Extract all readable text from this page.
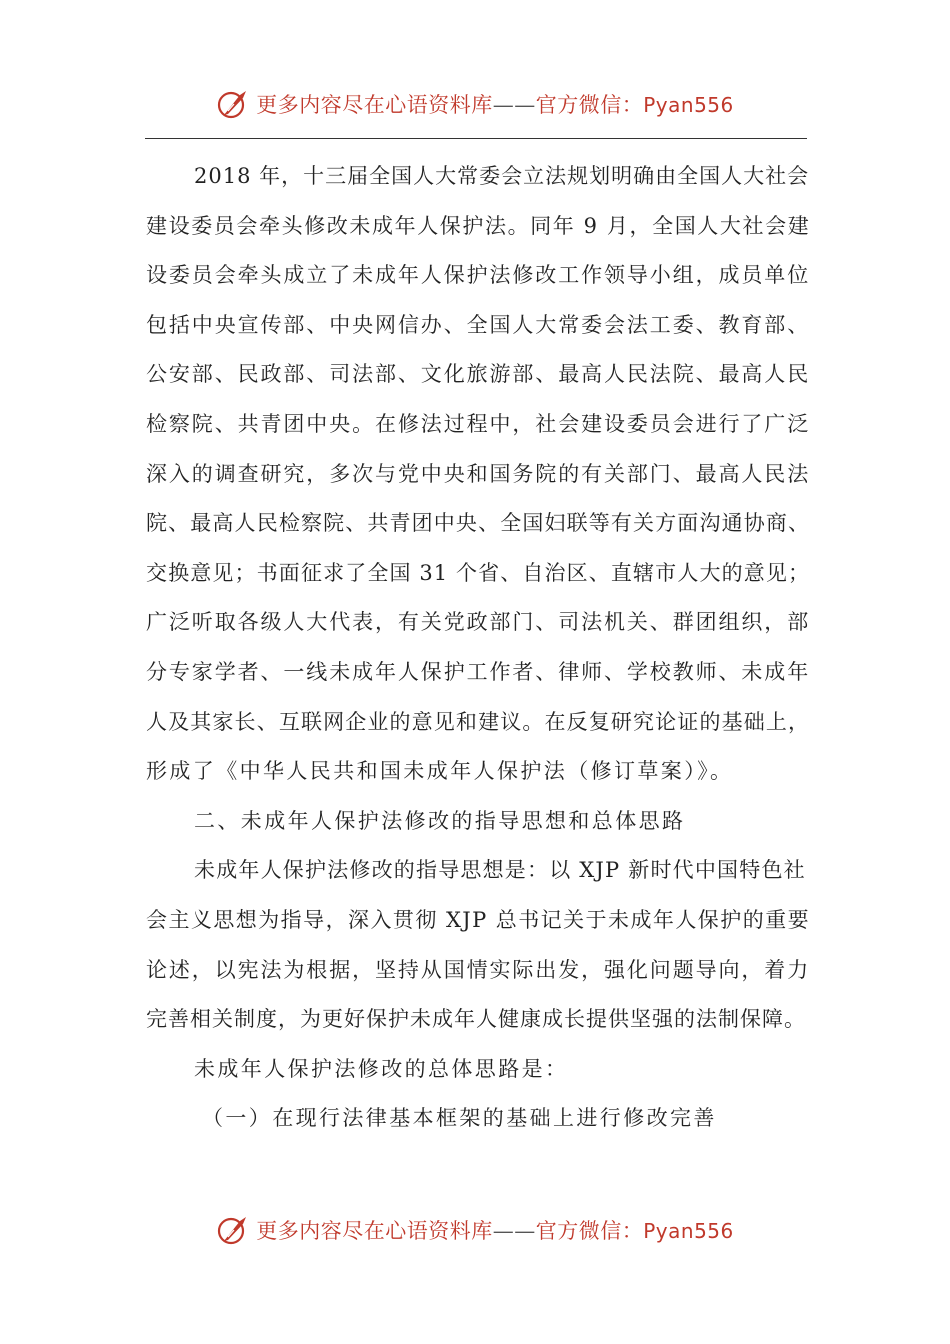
更多内容尽在心语资料库——官方微信：Pyan556
2018 年，十三届全国人大常委会立法规划明确由全国人大社会
建设委员会牵头修改未成年人保护法。同年 9 月，全国人大社会建
设委员会牵头成立了未成年人保护法修改工作领导小组，成员单位
包括中央宣传部、中央网信办、全国人大常委会法工委、教育部、
公安部、民政部、司法部、文化旅游部、最高人民法院、最高人民
检察院、共青团中央。在修法过程中，社会建设委员会进行了广泛
深入的调查研究，多次与党中央和国务院的有关部门、最高人民法
院、最高人民检察院、共青团中央、全国妇联等有关方面沟通协商、
交换意见；书面征求了全国 31 个省、自治区、直辖市人大的意见；
广泛听取各级人大代表，有关党政部门、司法机关、群团组织，部
分专家学者、一线未成年人保护工作者、律师、学校教师、未成年
人及其家长、互联网企业的意见和建议。在反复研究论证的基础上，
形成了《中华人民共和国未成年人保护法（修订草案）》。
二、未成年人保护法修改的指导思想和总体思路
未成年人保护法修改的指导思想是：以 XJP 新时代中国特色社
会主义思想为指导，深入贯彻 XJP 总书记关于未成年人保护的重要
论述，以宪法为根据，坚持从国情实际出发，强化问题导向，着力
完善相关制度，为更好保护未成年人健康成长提供坚强的法制保障。
未成年人保护法修改的总体思路是：
（一）在现行法律基本框架的基础上进行修改完善
更多内容尽在心语资料库——官方微信：Pyan556
